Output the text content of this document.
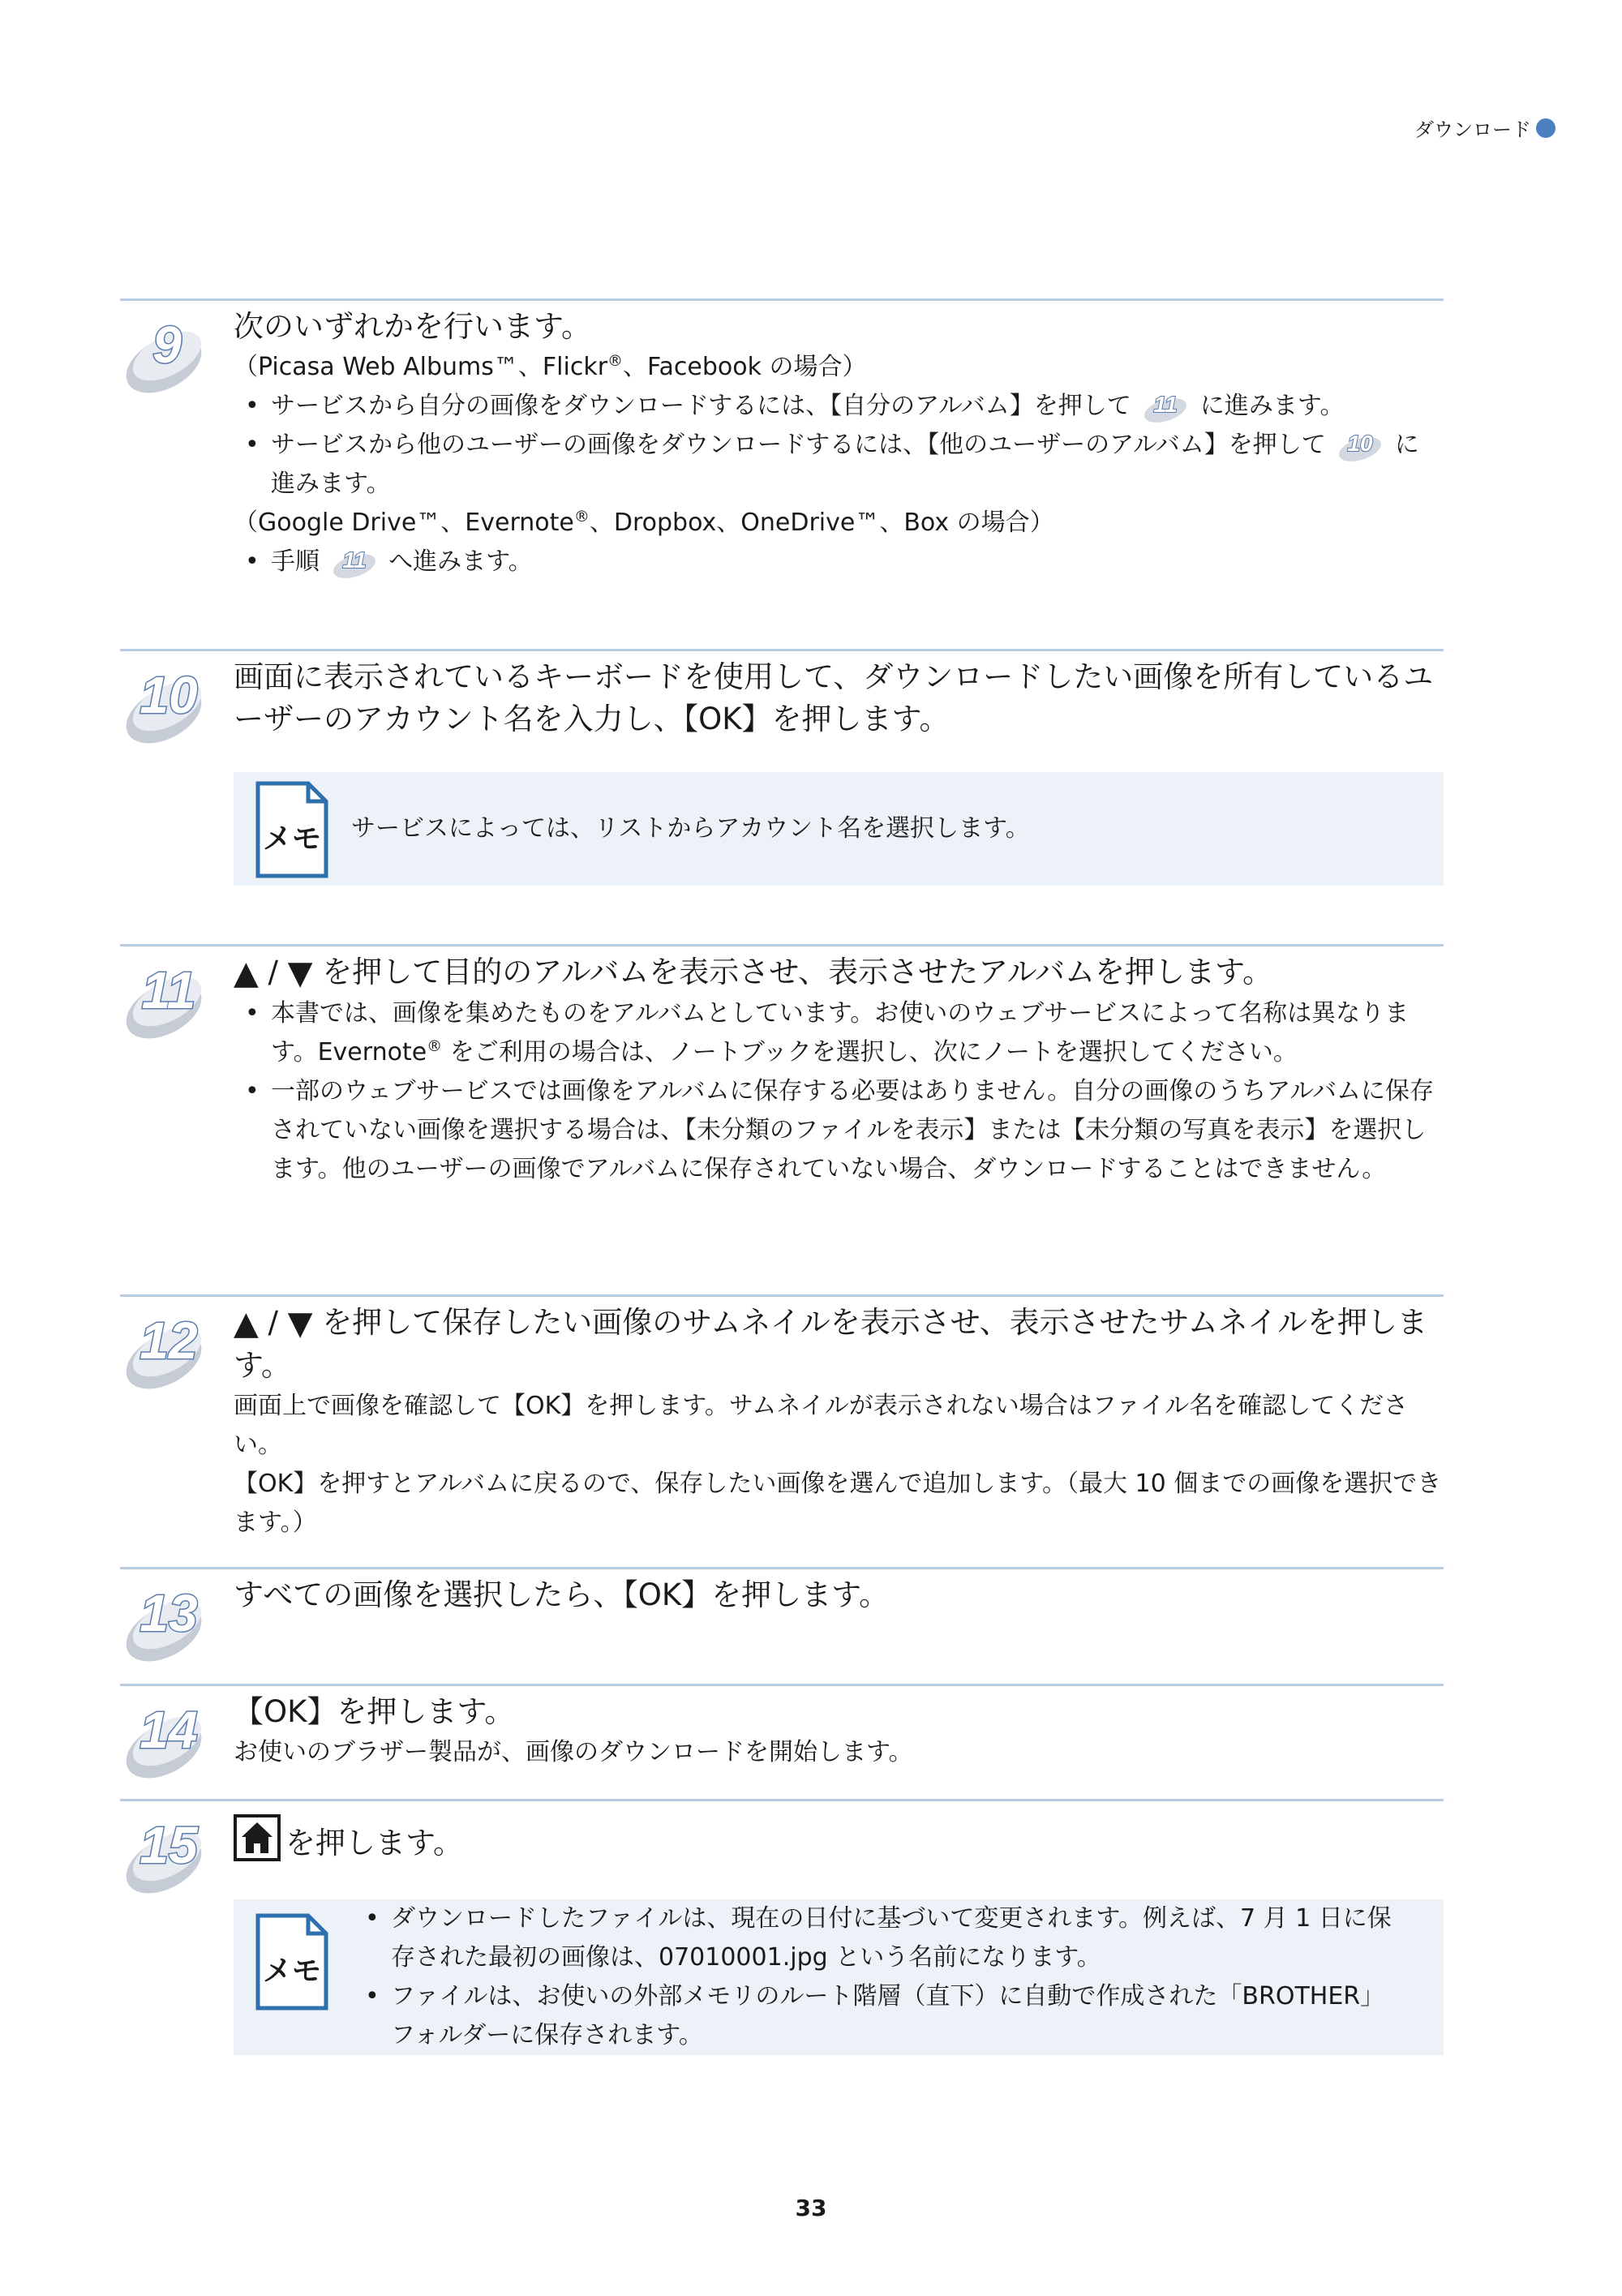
ダウンロード
9 次のいずれかを行います。

（Picasa Web Albums™、Flickr®、Facebook の場合）

• サービスから自分の画像をダウンロードするには、【自分のアルバム】を押して 11 に進みます。

• サービスから他のユーザーの画像をダウンロードするには、【他のユーザーのアルバム】を押して 10 に進みます。

（Google Drive™、Evernote®、Dropbox、OneDrive™、Box の場合）

• 手順 11 へ進みます。

10 画面に表示されているキーボードを使用して、ダウンロードしたい画像を所有しているユーザーのアカウント名を入力し、【OK】を押します。

メモ サービスによっては、リストからアカウント名を選択します。

11 ▲ / ▼ を押して目的のアルバムを表示させ、表示させたアルバムを押します。

• 本書では、画像を集めたものをアルバムとしています。お使いのウェブサービスによって名称は異なります。Evernote® をご利用の場合は、ノートブックを選択し、次にノートを選択してください。

• 一部のウェブサービスでは画像をアルバムに保存する必要はありません。自分の画像のうちアルバムに保存されていない画像を選択する場合は、【未分類のファイルを表示】または【未分類の写真を表示】を選択します。他のユーザーの画像でアルバムに保存されていない場合、ダウンロードすることはできません。

12 ▲ / ▼ を押して保存したい画像のサムネイルを表示させ、表示させたサムネイルを押します。

画面上で画像を確認して【OK】を押します。サムネイルが表示されない場合はファイル名を確認してください。

【OK】を押すとアルバムに戻るので、保存したい画像を選んで追加します。（最大 10 個までの画像を選択できます。）

13 すべての画像を選択したら、【OK】を押します。

14 【OK】を押します。

お使いのブラザー製品が、画像のダウンロードを開始します。

15	を押します。

メモ

• ダウンロードしたファイルは、現在の日付に基づいて変更されます。例えば、7 月 1 日に保存された最初の画像は、07010001.jpg という名前になります。

• ファイルは、お使いの外部メモリのルート階層（直下）に自動で作成された「BROTHER」フォルダーに保存されます。

33
